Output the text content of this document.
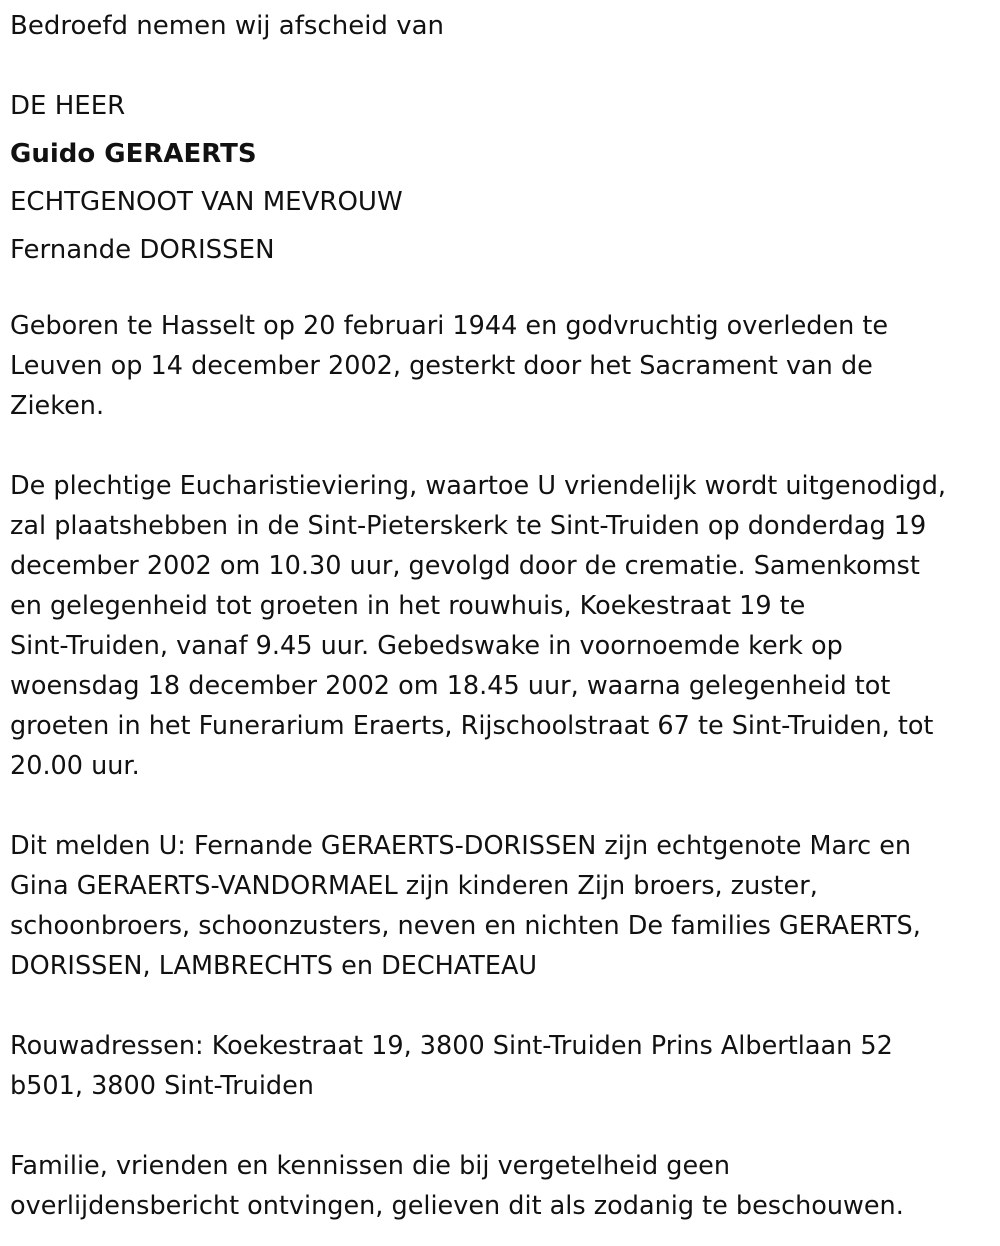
Bedroefd nemen wij afscheid van

DE HEER

Guido GERAERTS

ECHTGENOOT VAN MEVROUW

Fernande DORISSEN

Geboren te Hasselt op 20 februari 1944 en godvruchtig overleden te

Leuven op 14 december 2002, gesterkt door het Sacrament van de

Zieken.

De plechtige Eucharistieviering, waartoe U vriendelijk wordt uitgenodigd,

zal plaatshebben in de Sint-Pieterskerk te Sint-Truiden op donderdag 19

december 2002 om 10.30 uur, gevolgd door de crematie. Samenkomst

en gelegenheid tot groeten in het rouwhuis, Koekestraat 19 te

Sint-Truiden, vanaf 9.45 uur. Gebedswake in voornoemde kerk op

woensdag 18 december 2002 om 18.45 uur, waarna gelegenheid tot

groeten in het Funerarium Eraerts, Rijschoolstraat 67 te Sint-Truiden, tot

20.00 uur.

Dit melden U: Fernande GERAERTS-DORISSEN zijn echtgenote Marc en

Gina GERAERTS-VANDORMAEL zijn kinderen Zijn broers, zuster,

schoonbroers, schoonzusters, neven en nichten De families GERAERTS,

DORISSEN, LAMBRECHTS en DECHATEAU

Rouwadressen: Koekestraat 19, 3800 Sint-Truiden Prins Albertlaan 52

b501, 3800 Sint-Truiden

Familie, vrienden en kennissen die bij vergetelheid geen

overlijdensbericht ontvingen, gelieven dit als zodanig te beschouwen.
